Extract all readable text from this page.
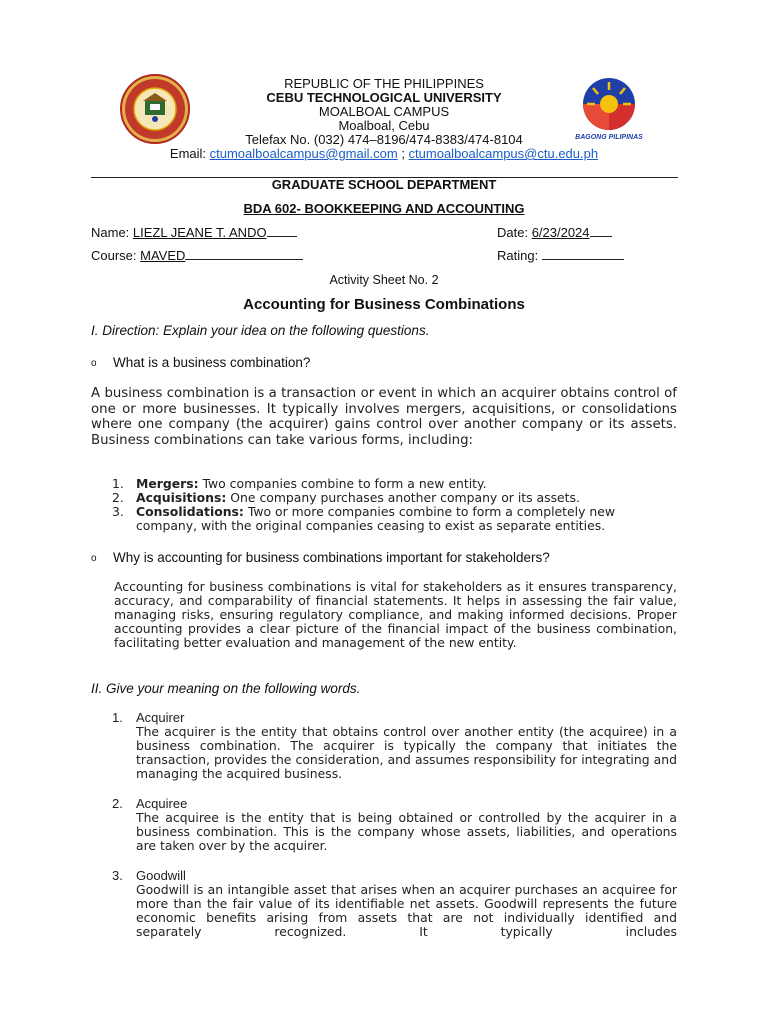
BAGONG PILIPINAS
REPUBLIC OF THE PHILIPPINES
CEBU TECHNOLOGICAL UNIVERSITY
MOALBOAL CAMPUS
Moalboal, Cebu
Telefax No. (032) 474–8196/474-8383/474-8104
Email: ctumoalboalcampus@gmail.com ; ctumoalboalcampus@ctu.edu.ph
GRADUATE SCHOOL DEPARTMENT
BDA 602- BOOKKEEPING AND ACCOUNTING
Name: LIEZL JEANE T. ANDO	Date: 6/23/2024
Course: MAVED	Rating:
Activity Sheet No. 2
Accounting for Business Combinations
I. Direction: Explain your idea on the following questions.
o What is a business combination?
A business combination is a transaction or event in which an acquirer obtains control of one or more businesses. It typically involves mergers, acquisitions, or consolidations where one company (the acquirer) gains control over another company or its assets. Business combinations can take various forms, including:
1. Mergers: Two companies combine to form a new entity.
2. Acquisitions: One company purchases another company or its assets.
3. Consolidations: Two or more companies combine to form a completely new company, with the original companies ceasing to exist as separate entities.
o Why is accounting for business combinations important for stakeholders?
Accounting for business combinations is vital for stakeholders as it ensures transparency, accuracy, and comparability of financial statements. It helps in assessing the fair value, managing risks, ensuring regulatory compliance, and making informed decisions. Proper accounting provides a clear picture of the financial impact of the business combination, facilitating better evaluation and management of the new entity.
II. Give your meaning on the following words.
1. Acquirer
The acquirer is the entity that obtains control over another entity (the acquiree) in a business combination. The acquirer is typically the company that initiates the transaction, provides the consideration, and assumes responsibility for integrating and managing the acquired business.
2. Acquiree
The acquiree is the entity that is being obtained or controlled by the acquirer in a business combination. This is the company whose assets, liabilities, and operations are taken over by the acquirer.
3. Goodwill
Goodwill is an intangible asset that arises when an acquirer purchases an acquiree for more than the fair value of its identifiable net assets. Goodwill represents the future economic benefits arising from assets that are not individually identified and separately recognized. It typically includes
